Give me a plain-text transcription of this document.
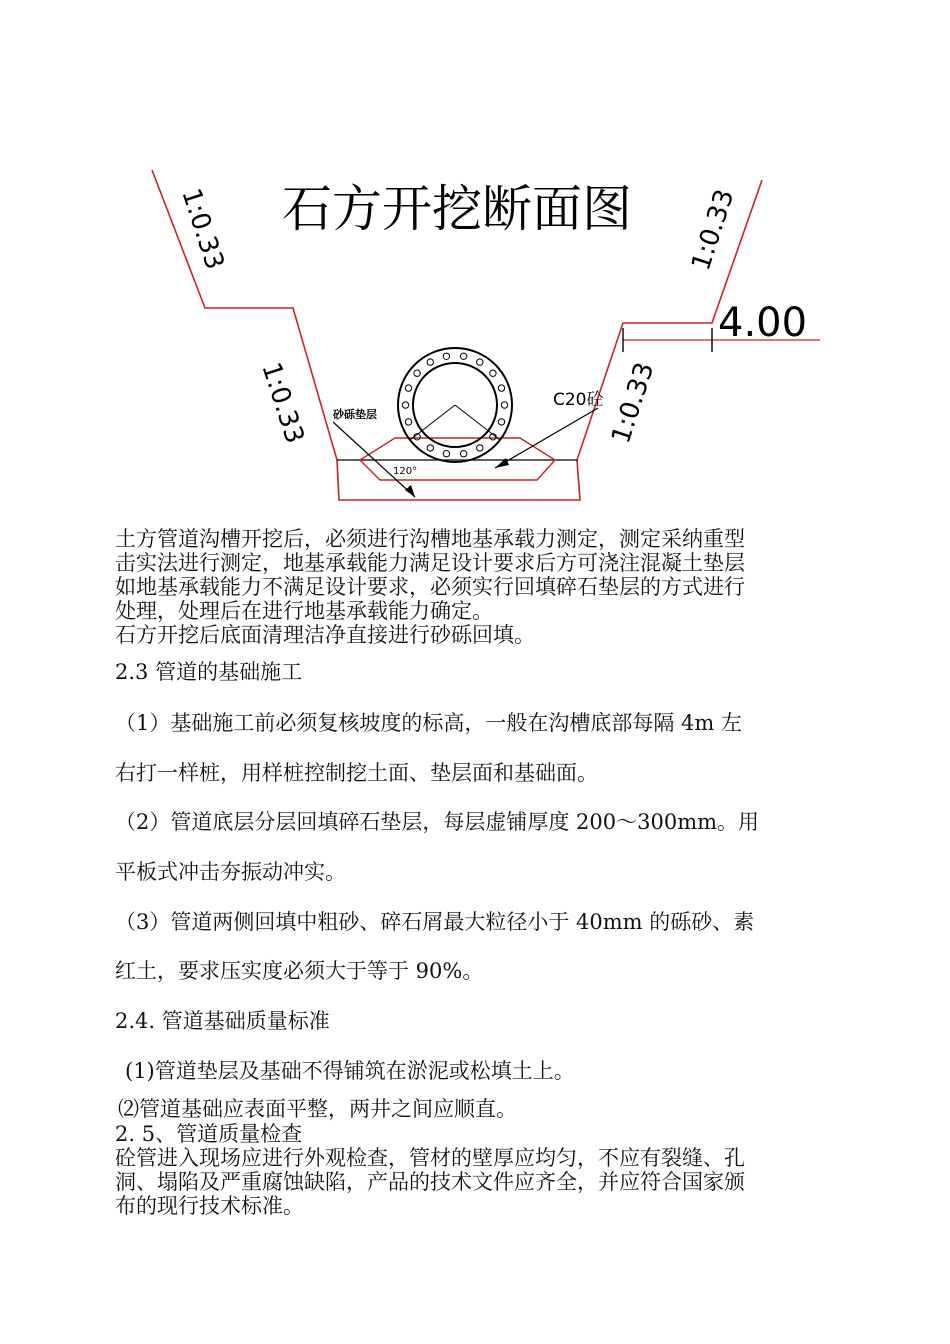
石方开挖断面图
1:0.33	1:0.33
1:0.33	1:0.33
4.00
砂砾垫层
C20砼
120°
土方管道沟槽开挖后，必须进行沟槽地基承载力测定，测定采纳重型
击实法进行测定，地基承载能力满足设计要求后方可浇注混凝土垫层
如地基承载能力不满足设计要求，必须实行回填碎石垫层的方式进行
处理，处理后在进行地基承载能力确定。
石方开挖后底面清理洁净直接进行砂砾回填。

2.3 管道的基础施工

（1）基础施工前必须复核坡度的标高，一般在沟槽底部每隔 4m 左

右打一样桩，用样桩控制挖土面、垫层面和基础面。

（2）管道底层分层回填碎石垫层，每层虚铺厚度 200～300mm。用

平板式冲击夯振动冲实。

（3）管道两侧回填中粗砂、碎石屑最大粒径小于 40mm 的砾砂、素

红土，要求压实度必须大于等于 90%。

2.4. 管道基础质量标准

(1)管道垫层及基础不得铺筑在淤泥或松填土上。

⑵管道基础应表面平整，两井之间应顺直。

2. 5、管道质量检查
砼管进入现场应进行外观检查，管材的壁厚应均匀，不应有裂缝、孔
洞、塌陷及严重腐蚀缺陷，产品的技术文件应齐全，并应符合国家颁
布的现行技术标准。
